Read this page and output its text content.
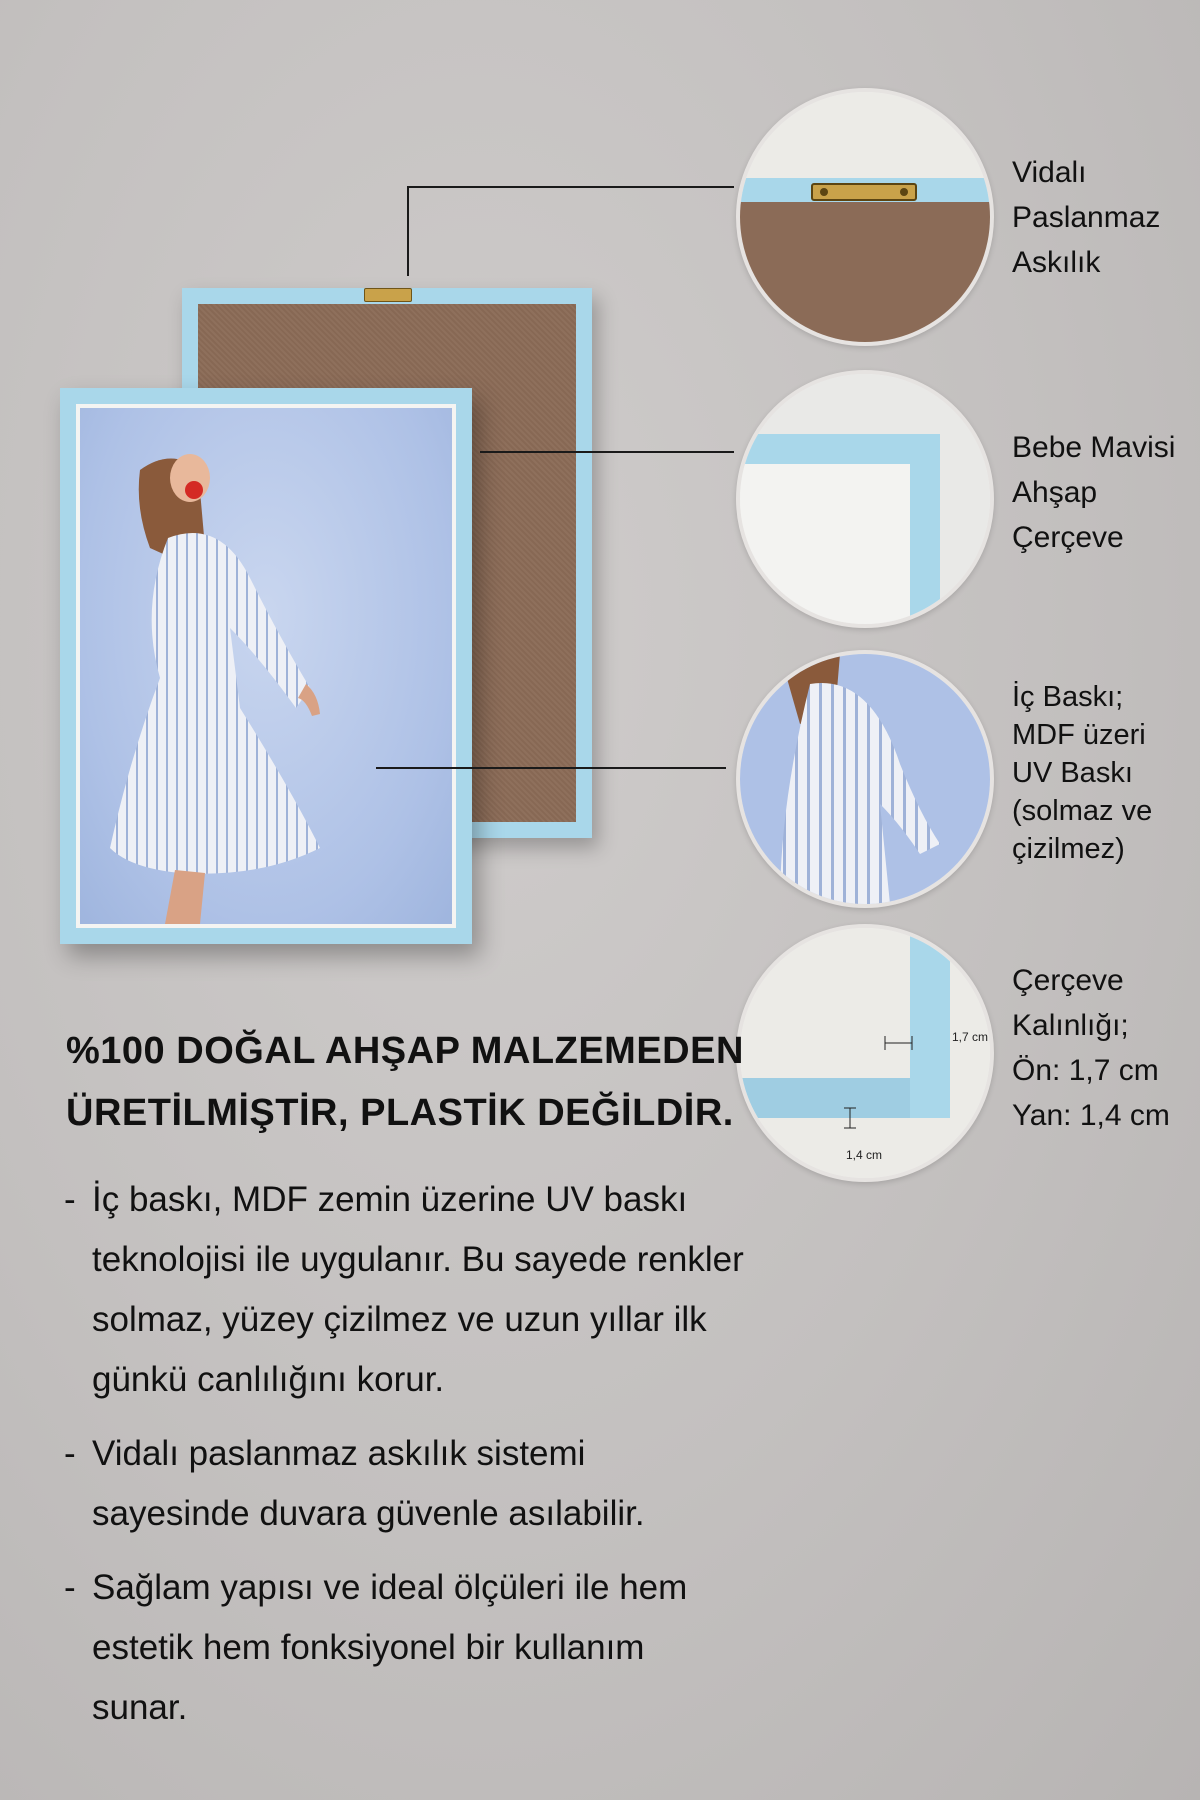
1,7 cm
1,4 cm
Vidalı
Paslanmaz
Askılık
Bebe Mavisi
Ahşap
Çerçeve
İç Baskı;
MDF üzeri
UV Baskı
(solmaz ve
çizilmez)
Çerçeve
Kalınlığı;
Ön: 1,7 cm
Yan: 1,4 cm
%100 DOĞAL AHŞAP MALZEMEDEN
ÜRETİLMİŞTİR, PLASTİK DEĞİLDİR.
- İç baskı, MDF zemin üzerine UV baskı
teknolojisi ile uygulanır. Bu sayede renkler
solmaz, yüzey çizilmez ve uzun yıllar ilk
günkü canlılığını korur.
- Vidalı paslanmaz askılık sistemi
sayesinde duvara güvenle asılabilir.
- Sağlam yapısı ve ideal ölçüleri ile hem
estetik hem fonksiyonel bir kullanım
sunar.
